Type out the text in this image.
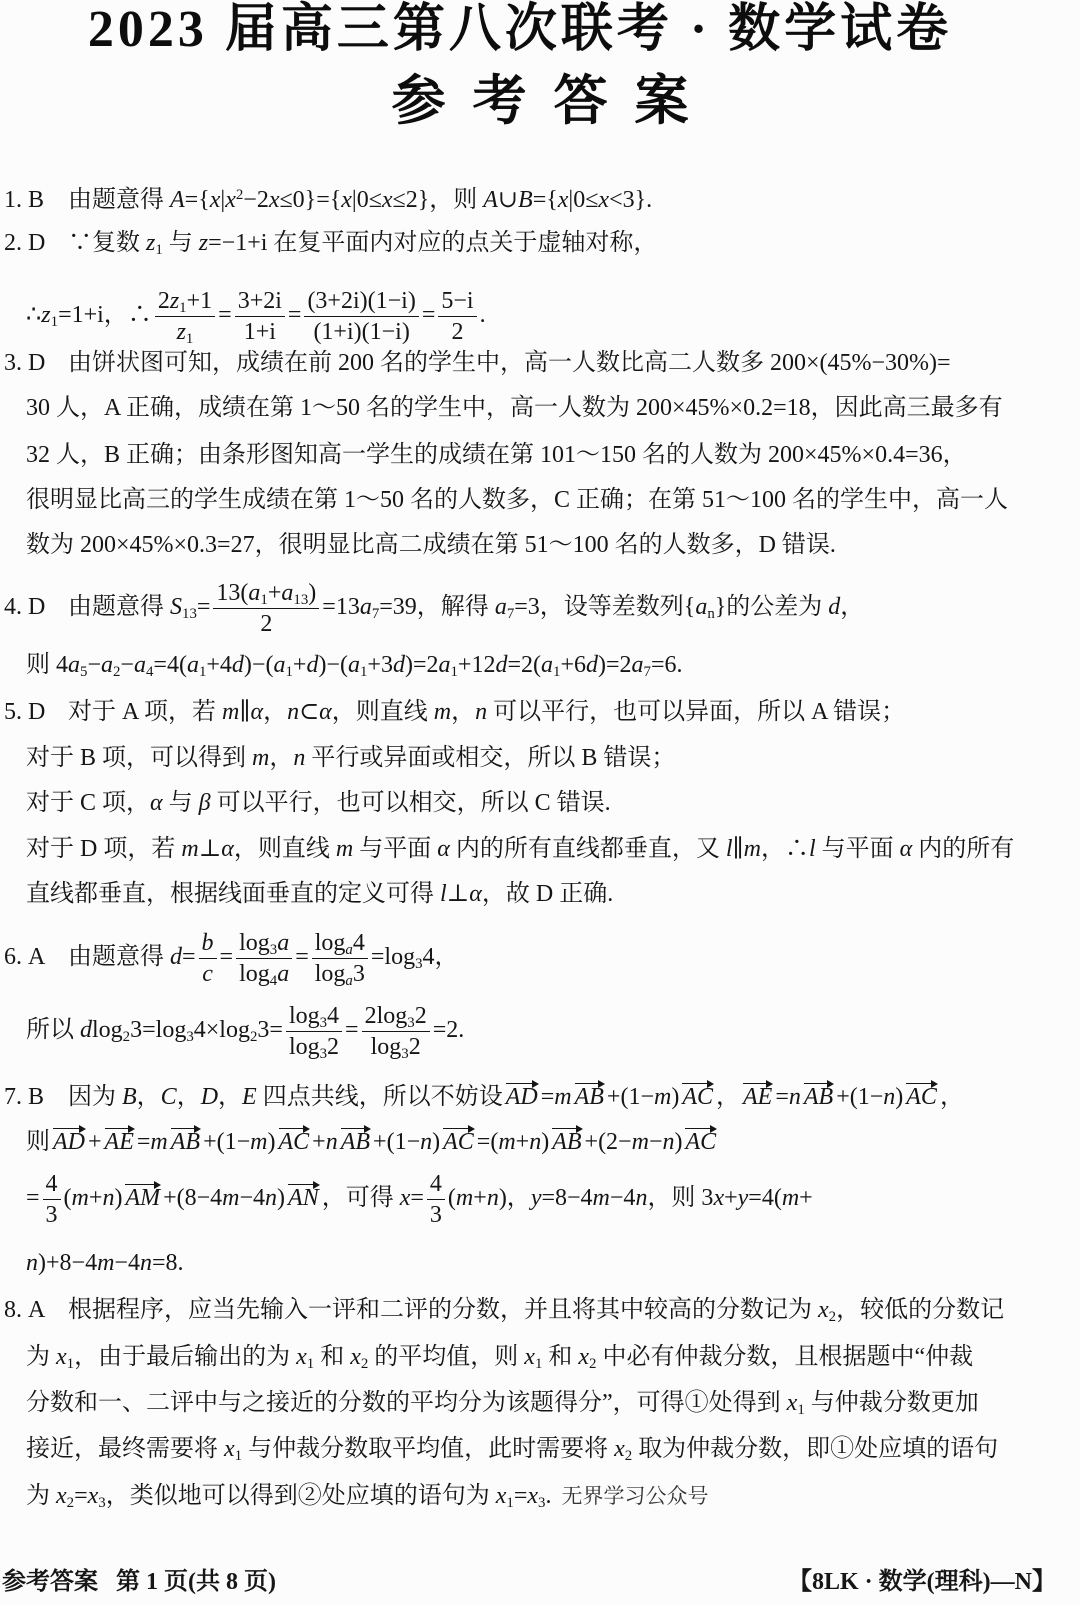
2023 届高三第八次联考 · 数学试卷
参考答案
1. B 由题意得 $A=\{x|x^2-2x\le 0\}=\{x|0\le x\le 2\}$，则 A∪B={x|0≤x<3}.
2. D ∵复数 $z_1$ 与 z=−1+i 在复平面内对应的点关于虚轴对称，
$\therefore z_1=1+i$，∴ $\frac{2z_1+1}{z_1} = \frac{3+2i}{1+i} = \frac{(3+2i)(1-i)}{(1+i)(1-i)} = \frac{5-i}{2}$ .
3. D 由饼状图可知，成绩在前 200 名的学生中，高一人数比高二人数多 200×(45%−30%)=
30 人，A 正确，成绩在第 1～50 名的学生中，高一人数为 200×45%×0.2=18，因此高三最多有
32 人，B 正确；由条形图知高一学生的成绩在第 101～150 名的人数为 200×45%×0.4=36，
很明显比高三的学生成绩在第 1～50 名的人数多，C 正确；在第 51～100 名的学生中，高一人
数为 200×45%×0.3=27，很明显比高二成绩在第 51～100 名的人数多，D 错误.
4. D 由题意得 $S_{13}= \frac{13(a_1+a_{13})}{2} =13a_7=39$，解得 $a_7=3$，设等差数列$\{a_n\}$的公差为 d，
则 $4a_5-a_2-a_4=4(a_1+4d)-(a_1+d)-(a_1+3d)=2a_1+12d=2(a_1+6d)=2a_7=6$.
5. D 对于 A 项，若 m∥α，n⊂α，则直线 m，n 可以平行，也可以异面，所以 A 错误；
对于 B 项，可以得到 m，n 平行或异面或相交，所以 B 错误；
对于 C 项，α 与 β 可以平行，也可以相交，所以 C 错误.
对于 D 项，若 m⊥α，则直线 m 与平面 α 内的所有直线都垂直，又 l∥m，∴l 与平面 α 内的所有
直线都垂直，根据线面垂直的定义可得 l⊥α，故 D 正确.
6. A 由题意得 $d= \frac{b}{c} = \frac{\log_3a}{\log_4a} = \frac{\log_a4}{\log_a3} =\log_34$，
所以 $dlog_23=\log_34\times\log_23= \frac{\log_34}{\log_32} = \frac{2\log_32}{\log_32} =2$.
7. B 因为 B，C，D，E 四点共线，所以不妨设 AD =m AB +(1−m) AC ， AE =n AB +(1−n) AC ，
则 AD + AE =m AB +(1−m) AC +n AB +(1−n) AC =(m+n) AB +(2−m−n) AC
= $\frac{4}{3} (m+n)$ AM +(8−4m−4n) AN ，可得 $x= \frac{4}{3} (m+n)$，y=8−4m−4n，则 3x+y=4(m+
n)+8−4m−4n=8.
8. A 根据程序，应当先输入一评和二评的分数，并且将其中较高的分数记为 $x_2$，较低的分数记
为 $x_1$，由于最后输出的为 $x_1$ 和 $x_2$ 的平均值，则 $x_1$ 和 $x_2$ 中必有仲裁分数，且根据题中“仲裁
分数和一、二评中与之接近的分数的平均分为该题得分”，可得①处得到 $x_1$ 与仲裁分数更加
接近，最终需要将 $x_1$ 与仲裁分数取平均值，此时需要将 $x_2$ 取为仲裁分数，即①处应填的语句
为 $x_2=x_3$，类似地可以得到②处应填的语句为 $x_1=x_3$. 无界学习公众号
参考答案 第 1 页(共 8 页)	【8LK · 数学(理科)—N】
